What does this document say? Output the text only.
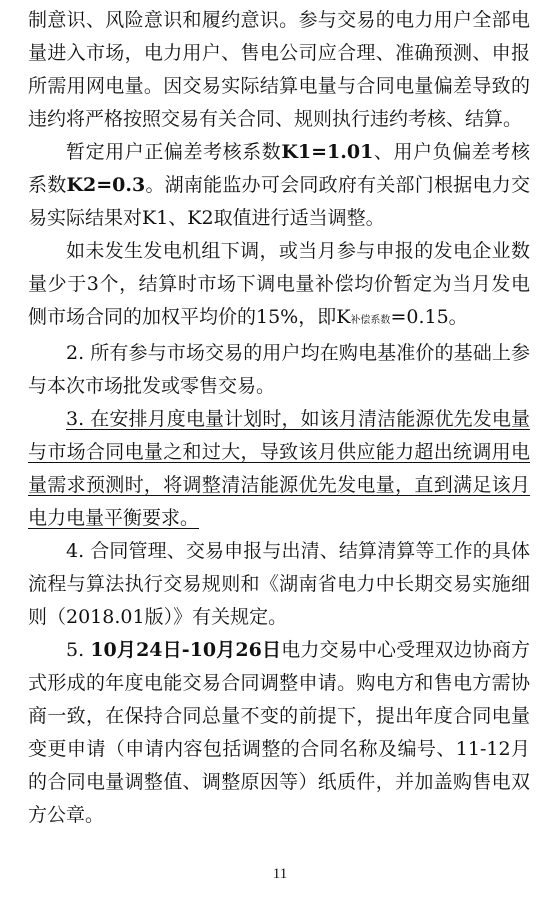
制意识、风险意识和履约意识。参与交易的电力用户全部电量进入市场，电力用户、售电公司应合理、准确预测、申报所需用网电量。因交易实际结算电量与合同电量偏差导致的违约将严格按照交易有关合同、规则执行违约考核、结算。

暂定用户正偏差考核系数K1=1.01、用户负偏差考核系数K2=0.3。湖南能监办可会同政府有关部门根据电力交易实际结果对K1、K2取值进行适当调整。

如未发生发电机组下调，或当月参与申报的发电企业数量少于3个，结算时市场下调电量补偿均价暂定为当月发电侧市场合同的加权平均价的15%，即K补偿系数=0.15。

2. 所有参与市场交易的用户均在购电基准价的基础上参与本次市场批发或零售交易。

3. 在安排月度电量计划时，如该月清洁能源优先发电量与市场合同电量之和过大，导致该月供应能力超出统调用电量需求预测时，将调整清洁能源优先发电量，直到满足该月电力电量平衡要求。

4. 合同管理、交易申报与出清、结算清算等工作的具体流程与算法执行交易规则和《湖南省电力中长期交易实施细则（2018.01版）》有关规定。

5. 10月24日-10月26日电力交易中心受理双边协商方式形成的年度电能交易合同调整申请。购电方和售电方需协商一致，在保持合同总量不变的前提下，提出年度合同电量变更申请（申请内容包括调整的合同名称及编号、11-12月的合同电量调整值、调整原因等）纸质件，并加盖购售电双方公章。

11
